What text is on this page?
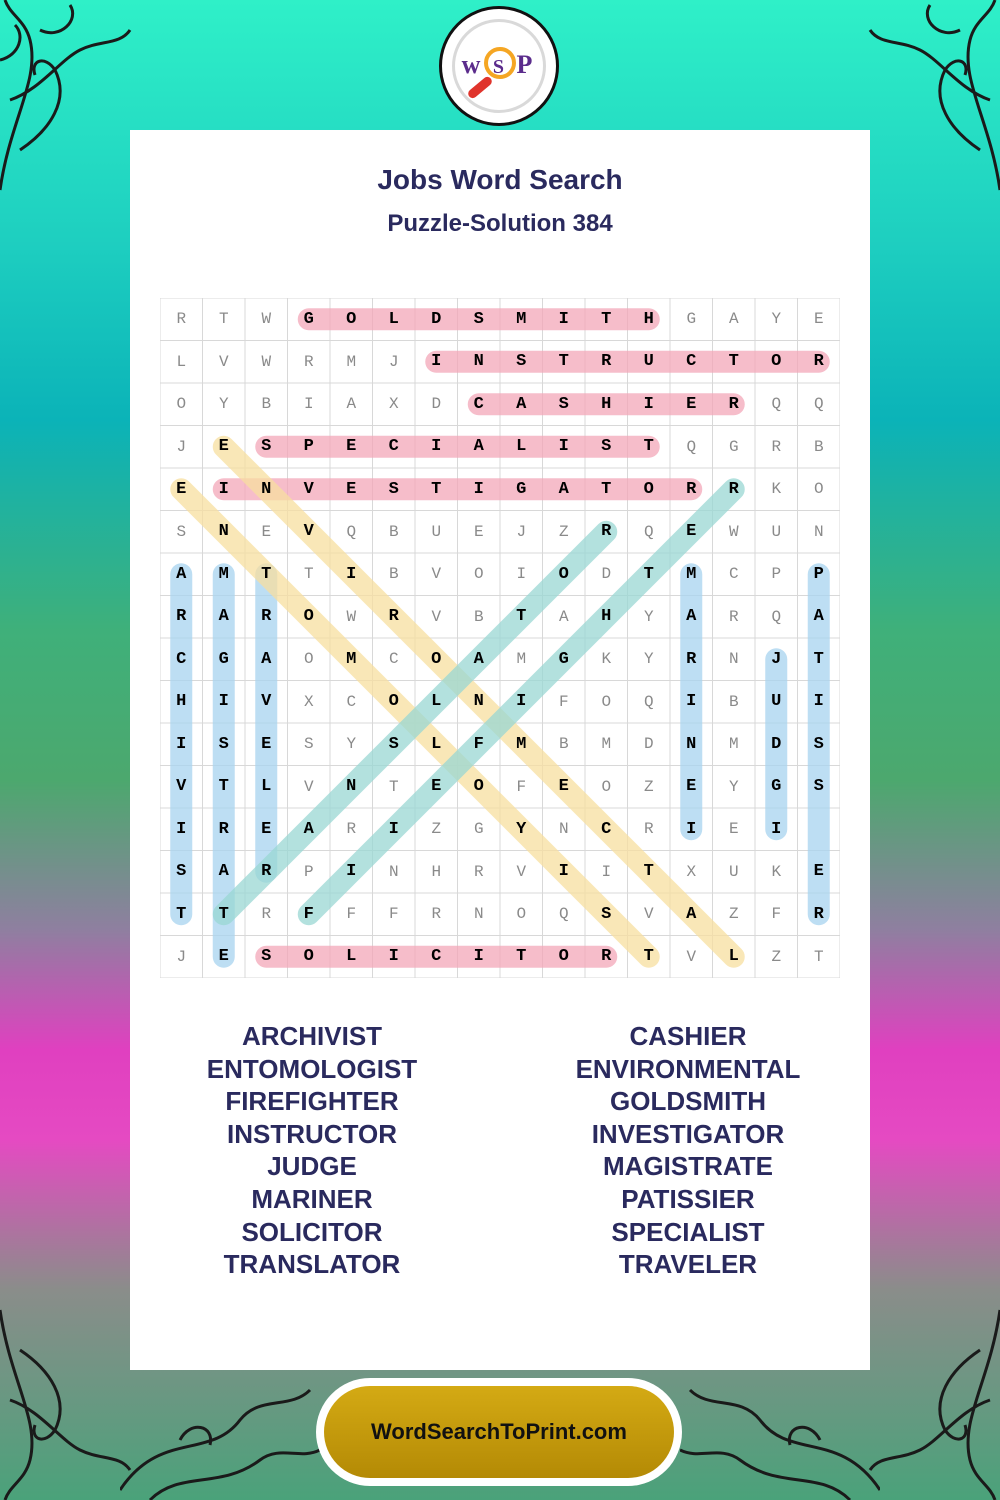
w S P
Jobs Word Search
Puzzle-Solution 384
R	T	W	G	O	L	D	S	M	I	T	H	G	A	Y	E
L	V	W	R	M	J	I	N	S	T	R	U	C	T	O	R
O	Y	B	I	A	X	D	C	A	S	H	I	E	R	Q	Q
J	E	S	P	E	C	I	A	L	I	S	T	Q	G	R	B
E	I	N	V	E	S	T	I	G	A	T	O	R	R	K	O
S	N	E	V	Q	B	U	E	J	Z	R	Q	E	W	U	N
A	M	T	T	I	B	V	O	I	O	D	T	M	C	P	P
R	A	R	O	W	R	V	B	T	A	H	Y	A	R	Q	A
C	G	A	O	M	C	O	A	M	G	K	Y	R	N	J	T
H	I	V	X	C	O	L	N	I	F	O	Q	I	B	U	I
I	S	E	S	Y	S	L	F	M	B	M	D	N	M	D	S
V	T	L	V	N	T	E	O	F	E	O	Z	E	Y	G	S
I	R	E	A	R	I	Z	G	Y	N	C	R	I	E	I
S	A	R	P	I	N	H	R	V	I	I	T	X	U	K	E
T	T	R	F	F	F	R	N	O	Q	S	V	A	Z	F	R
J	E	S	O	L	I	C	I	T	O	R	T	V	L	Z	T
ARCHIVIST
ENTOMOLOGIST
FIREFIGHTER
INSTRUCTOR
JUDGE
MARINER
SOLICITOR
TRANSLATOR
CASHIER
ENVIRONMENTAL
GOLDSMITH
INVESTIGATOR
MAGISTRATE
PATISSIER
SPECIALIST
TRAVELER
WordSearchToPrint.com
